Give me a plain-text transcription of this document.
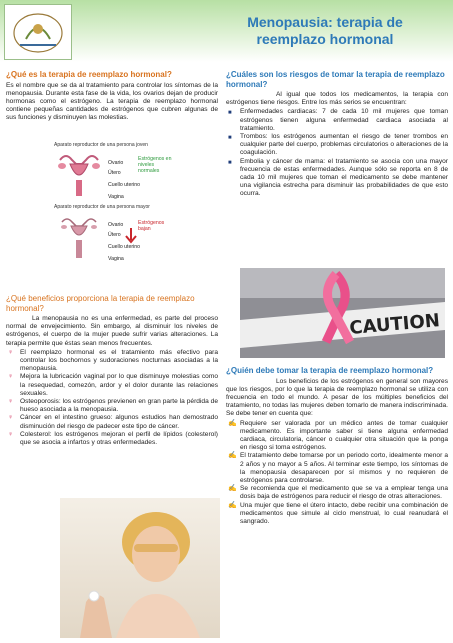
Menopausia: terapia de
reemplazo hormonal
¿Qué es la terapia de reemplazo hormonal?

Es el nombre que se da al tratamiento para controlar los síntomas de la menopausia. Durante esta fase de la vida, los ovarios dejan de producir hormonas como el estrógeno. La terapia de reemplazo hormonal contiene pequeñas cantidades de estrógenos que cubren algunas de sus funciones y disminuyen las molestias.

Aparato reproductor de una persona joven
Ovario
Útero
Cuello uterino
Vagina
Estrógenos en niveles normales
Aparato reproductor de una persona mayor
Ovario
Útero
Cuello uterino
Vagina
Estrógenos bajan
¿Qué beneficios proporciona la terapia de reemplazo hormonal?

La menopausia no es una enfermedad, es parte del proceso normal de envejecimiento. Sin embargo, al disminuir los niveles de estrógenos, el cuerpo de la mujer puede sufrir varias alteraciones. La terapia permite que éstas sean menos frecuentes.

♀ El reemplazo hormonal es el tratamiento más efectivo para controlar los bochornos y sudoraciones nocturnas asociadas a la menopausia.
♀ Mejora la lubricación vaginal por lo que disminuye molestias como la resequedad, comezón, ardor y el dolor durante las relaciones sexuales.
♀ Osteoporosis: los estrógenos previenen en gran parte la pérdida de hueso asociada a la menopausia.
♀ Cáncer en el intestino grueso: algunos estudios han demostrado disminución del riesgo de padecer este tipo de cáncer.
♀ Colesterol: los estrógenos mejoran el perfil de lípidos (colesterol) que se asocia a infartos y otras enfermedades.
¿Cuáles son los riesgos de tomar la terapia de reemplazo hormonal?

Al igual que todos los medicamentos, la terapia con estrógenos tiene riesgos. Entre los más serios se encuentran:

■ Enfermedades cardiacas: 7 de cada 10 mil mujeres que toman estrógenos tienen alguna enfermedad cardiaca asociada al tratamiento.
■ Trombos: los estrógenos aumentan el riesgo de tener trombos en cualquier parte del cuerpo, problemas circulatorios o alteraciones de la coagulación.
■ Embolia y cáncer de mama: el tratamiento se asocia con una mayor frecuencia de estas enfermedades. Aunque sólo se reporta en 8 de cada 10 mil mujeres que toman el medicamento se debe mantener una vigilancia estrecha para disminuir las probabilidades de que esto ocurra.
CAUTION
¿Quién debe tomar la terapia de reemplazo hormonal?

Los beneficios de los estrógenos en general son mayores que los riesgos, por lo que la terapia de reemplazo hormonal se utiliza con frecuencia en todo el mundo. A pesar de los múltiples beneficios del tratamiento, no todas las mujeres deben tomarlo de manera indiscriminada. Se debe tener en cuenta que:

✍ Requiere ser valorada por un médico antes de tomar cualquier medicamento. Es importante saber si tiene alguna enfermedad cardiaca, circulatoria, cáncer o cualquier otra situación que la ponga en riesgo si toma estrógenos.
✍ El tratamiento debe tomarse por un periodo corto, idealmente menor a 2 años y no mayor a 5 años. Al terminar este tiempo, los síntomas de la menopausia desaparecen por sí mismos y no requieren de estrógenos para controlarse.
✍ Se recomienda que el medicamento que se va a emplear tenga una dosis baja de estrógenos para reducir el riesgo de otras alteraciones.
✍ Una mujer que tiene el útero intacto, debe recibir una combinación de medicamentos que simule al ciclo menstrual, lo cual reanudará el sangrado.
